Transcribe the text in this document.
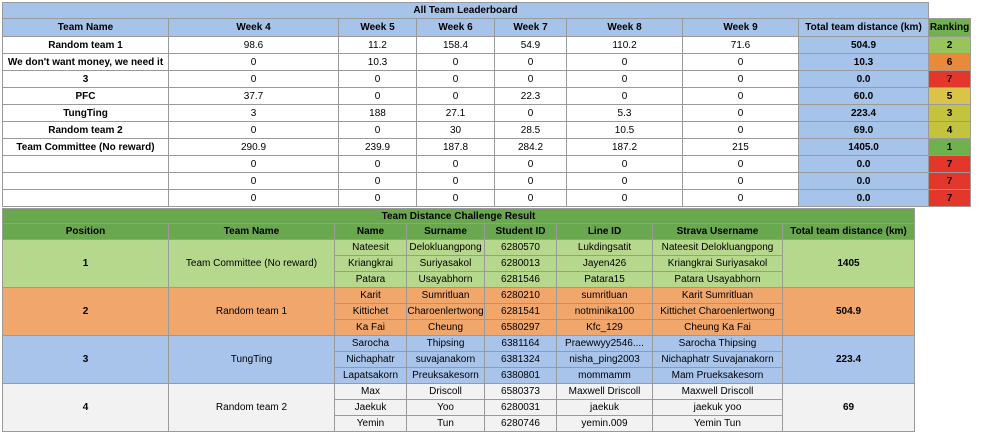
All Team Leaderboard								
Team Name	Week 4	Week 5	Week 6	Week 7	Week 8	Week 9	Total team distance (km)	Ranking
Random team 1	98.6	11.2	158.4	54.9	110.2	71.6	504.9	2
We don't want money, we need it	0	10.3	0	0	0	0	10.3	6
3	0	0	0	0	0	0	0.0	7
PFC	37.7	0	0	22.3	0	0	60.0	5
TungTing	3	188	27.1	0	5.3	0	223.4	3
Random team 2	0	0	30	28.5	10.5	0	69.0	4
Team Committee (No reward)	290.9	239.9	187.8	284.2	187.2	215	1405.0	1
	0	0	0	0	0	0	0.0	7
	0	0	0	0	0	0	0.0	7
	0	0	0	0	0	0	0.0	7
Team Distance Challenge Result							
Position	Team Name	Name	Surname	Student ID	Line ID	Strava Username	Total team distance (km)
1	Team Committee (No reward)	Nateesit	Delokluangpong	6280570	Lukdingsatit	Nateesit Delokluangpong	1405
		Kriangkrai	Suriyasakol	6280013	Jayen426	Kriangkrai Suriyasakol	
		Patara	Usayabhorn	6281546	Patara15	Patara Usayabhorn	
2	Random team 1	Karit	Sumritluan	6280210	sumritluan	Karit Sumritluan	504.9
		Kittichet	Charoenlertwong	6281541	notminika100	Kittichet Charoenlertwong	
		Ka Fai	Cheung	6580297	Kfc_129	Cheung Ka Fai	
3	TungTing	Sarocha	Thipsing	6381164	Praewwyy2546....	Sarocha Thipsing	223.4
		Nichaphatr	suvajanakorn	6381324	nisha_ping2003	Nichaphatr Suvajanakorn	
		Lapatsakorn	Preuksakesorn	6380801	mommamm	Mam Prueksakesorn	
4	Random team 2	Max	Driscoll	6580373	Maxwell Driscoll	Maxwell Driscoll	69
		Jaekuk	Yoo	6280031	jaekuk	jaekuk yoo	
		Yemin	Tun	6280746	yemin.009	Yemin Tun	
